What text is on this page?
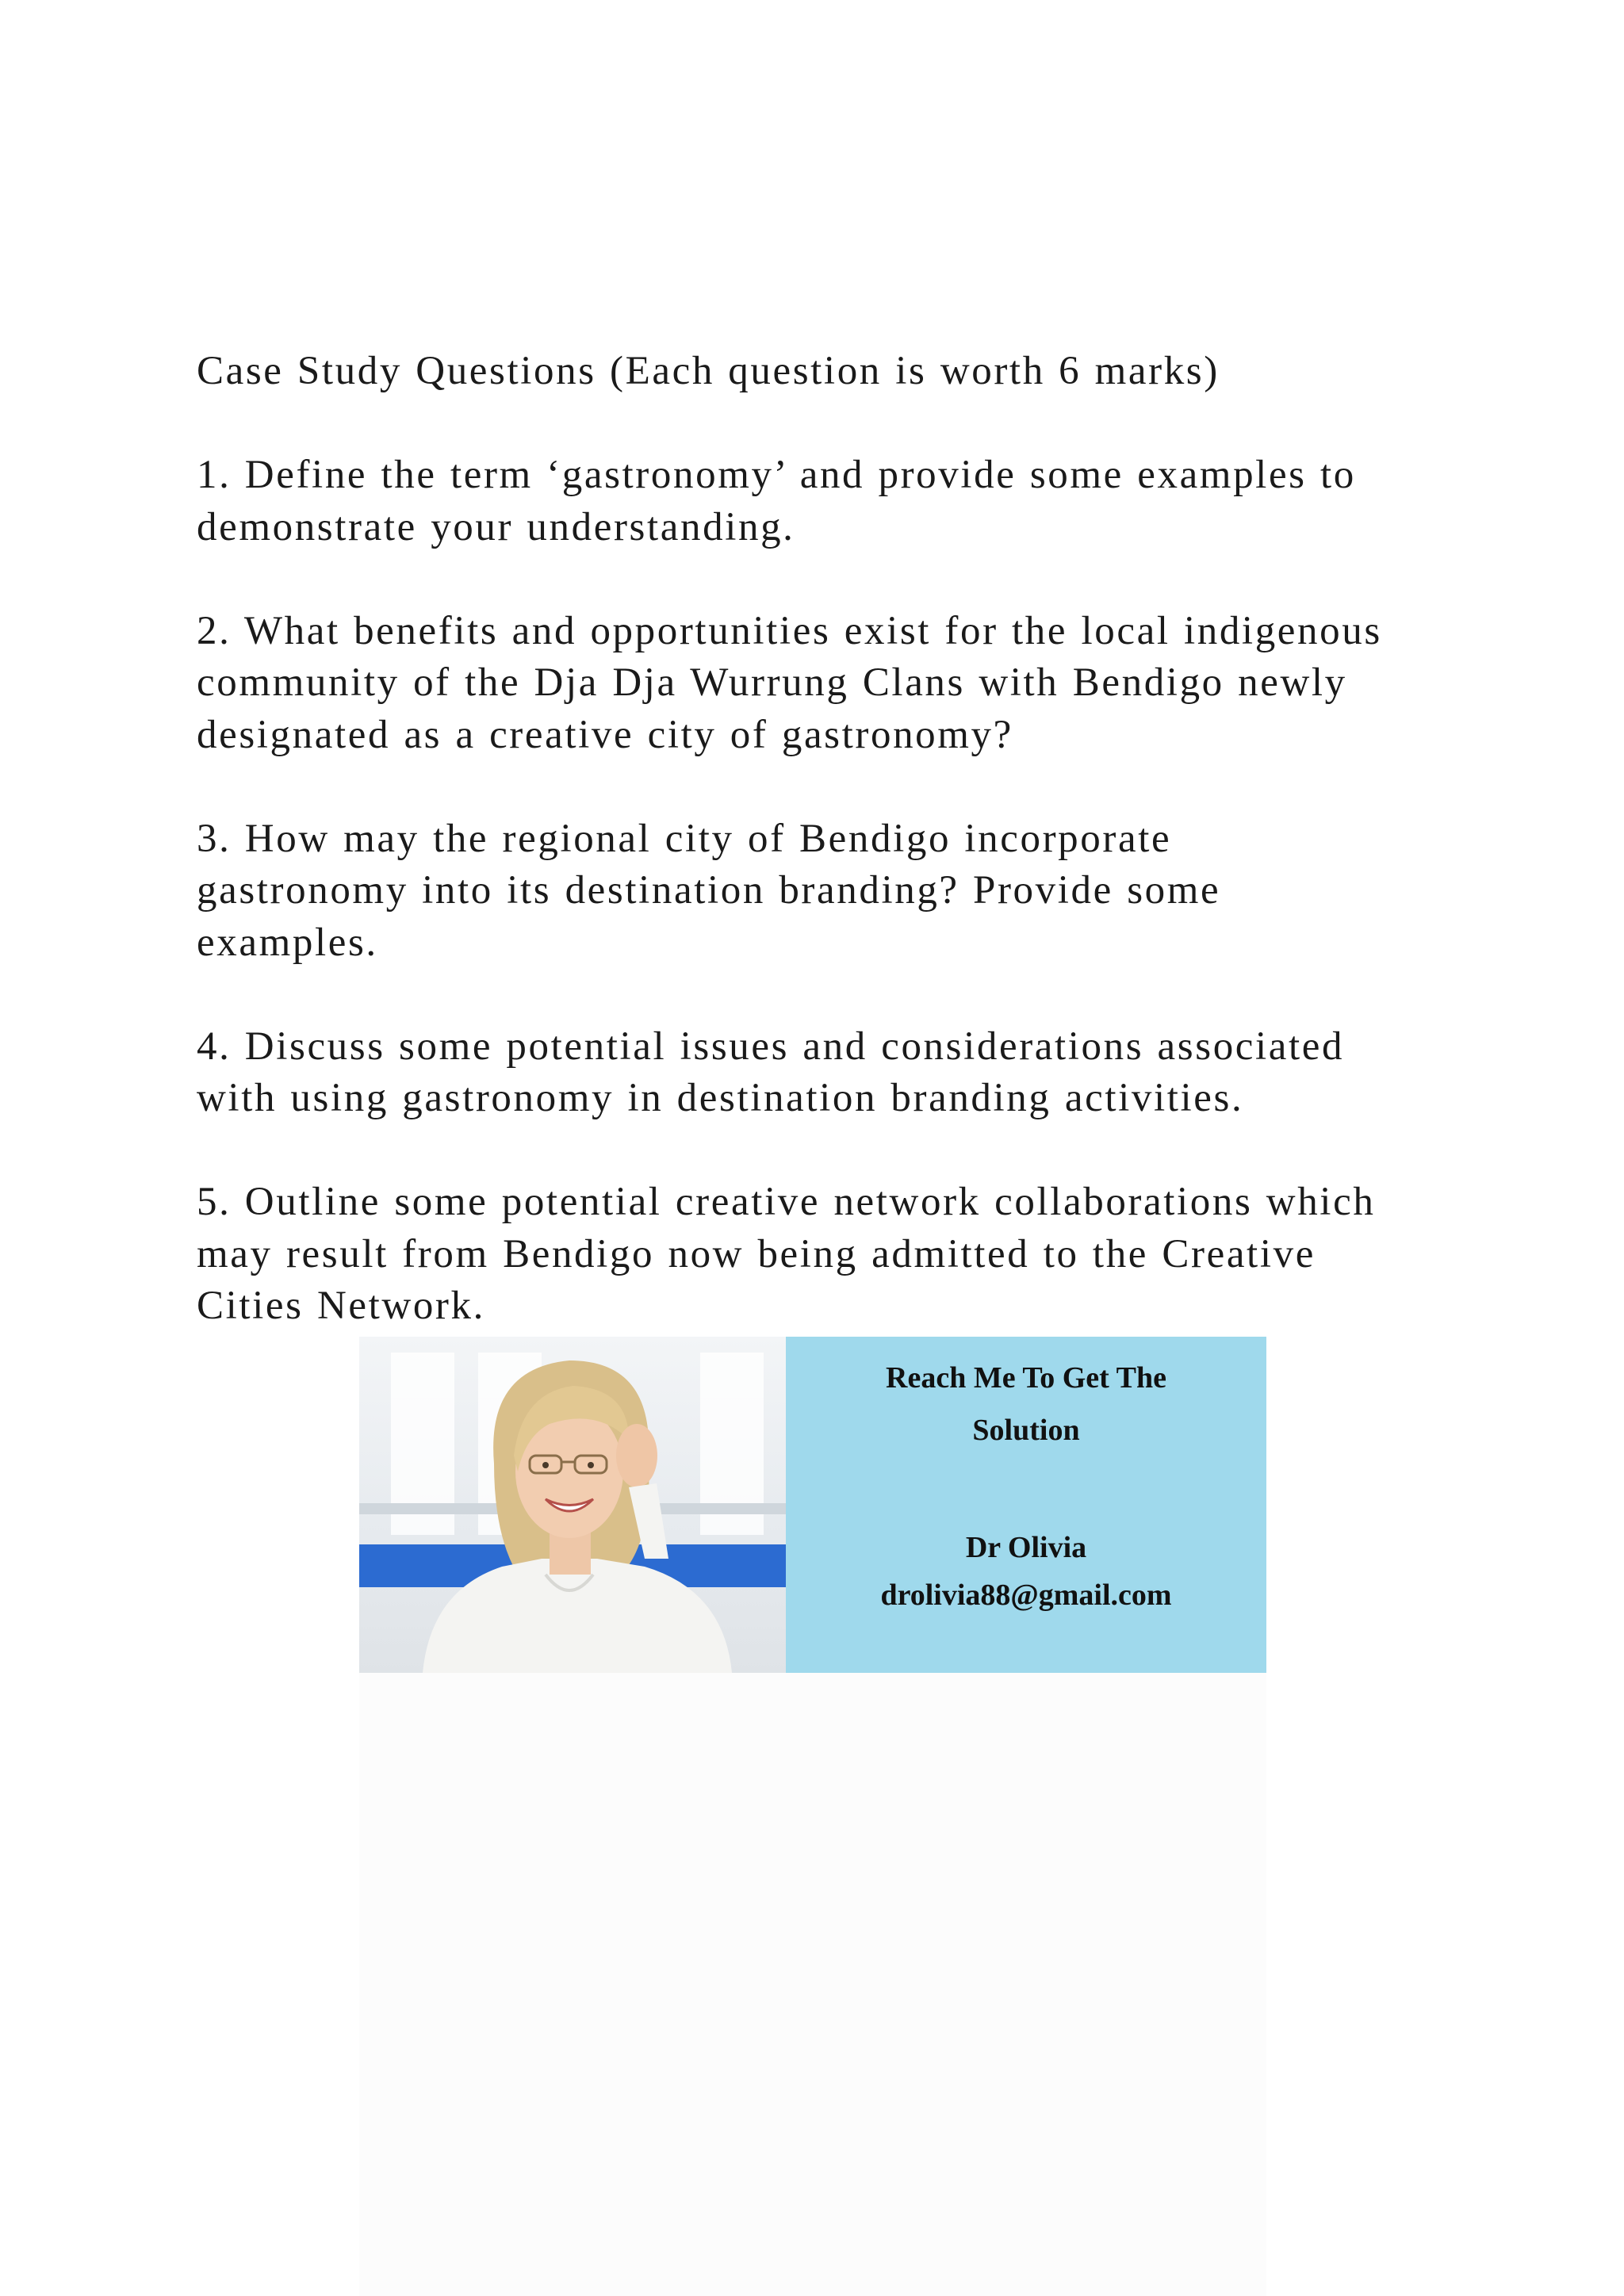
Case Study Questions (Each question is worth 6 marks)

1. Define the term ‘gastronomy’ and provide some examples to
demonstrate your understanding.

2. What benefits and opportunities exist for the local indigenous
community of the Dja Dja Wurrung Clans with Bendigo newly
designated as a creative city of gastronomy?

3. How may the regional city of Bendigo incorporate
gastronomy into its destination branding? Provide some
examples.

4. Discuss some potential issues and considerations associated
with using gastronomy in destination branding activities.

5. Outline some potential creative network collaborations which
may result from Bendigo now being admitted to the Creative
Cities Network.

Reach Me To Get The
Solution
Dr Olivia
drolivia88@gmail.com
